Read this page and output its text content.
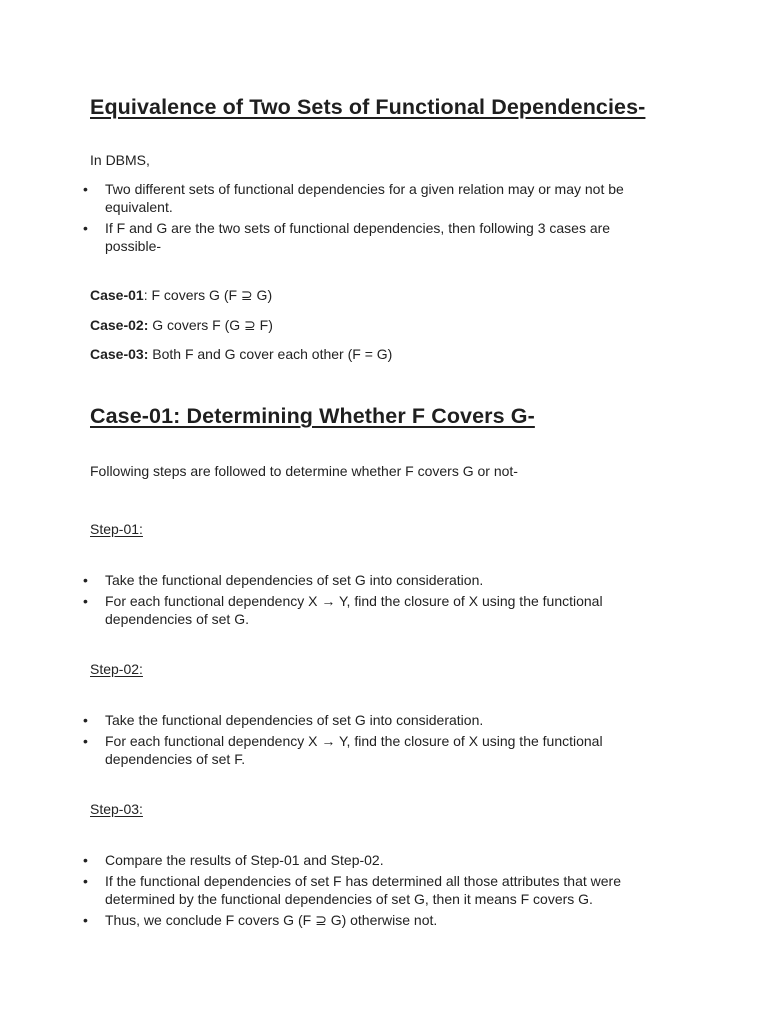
Equivalence of Two Sets of Functional Dependencies-
In DBMS,
• Two different sets of functional dependencies for a given relation may or may not be equivalent.
• If F and G are the two sets of functional dependencies, then following 3 cases are possible-
Case-01: F covers G (F ⊇ G)
Case-02: G covers F (G ⊇ F)
Case-03: Both F and G cover each other (F = G)
Case-01: Determining Whether F Covers G-
Following steps are followed to determine whether F covers G or not-
Step-01:
• Take the functional dependencies of set G into consideration.
• For each functional dependency X → Y, find the closure of X using the functional dependencies of set G.
Step-02:
• Take the functional dependencies of set G into consideration.
• For each functional dependency X → Y, find the closure of X using the functional dependencies of set F.
Step-03:
• Compare the results of Step-01 and Step-02.
• If the functional dependencies of set F has determined all those attributes that were determined by the functional dependencies of set G, then it means F covers G.
• Thus, we conclude F covers G (F ⊇ G) otherwise not.
